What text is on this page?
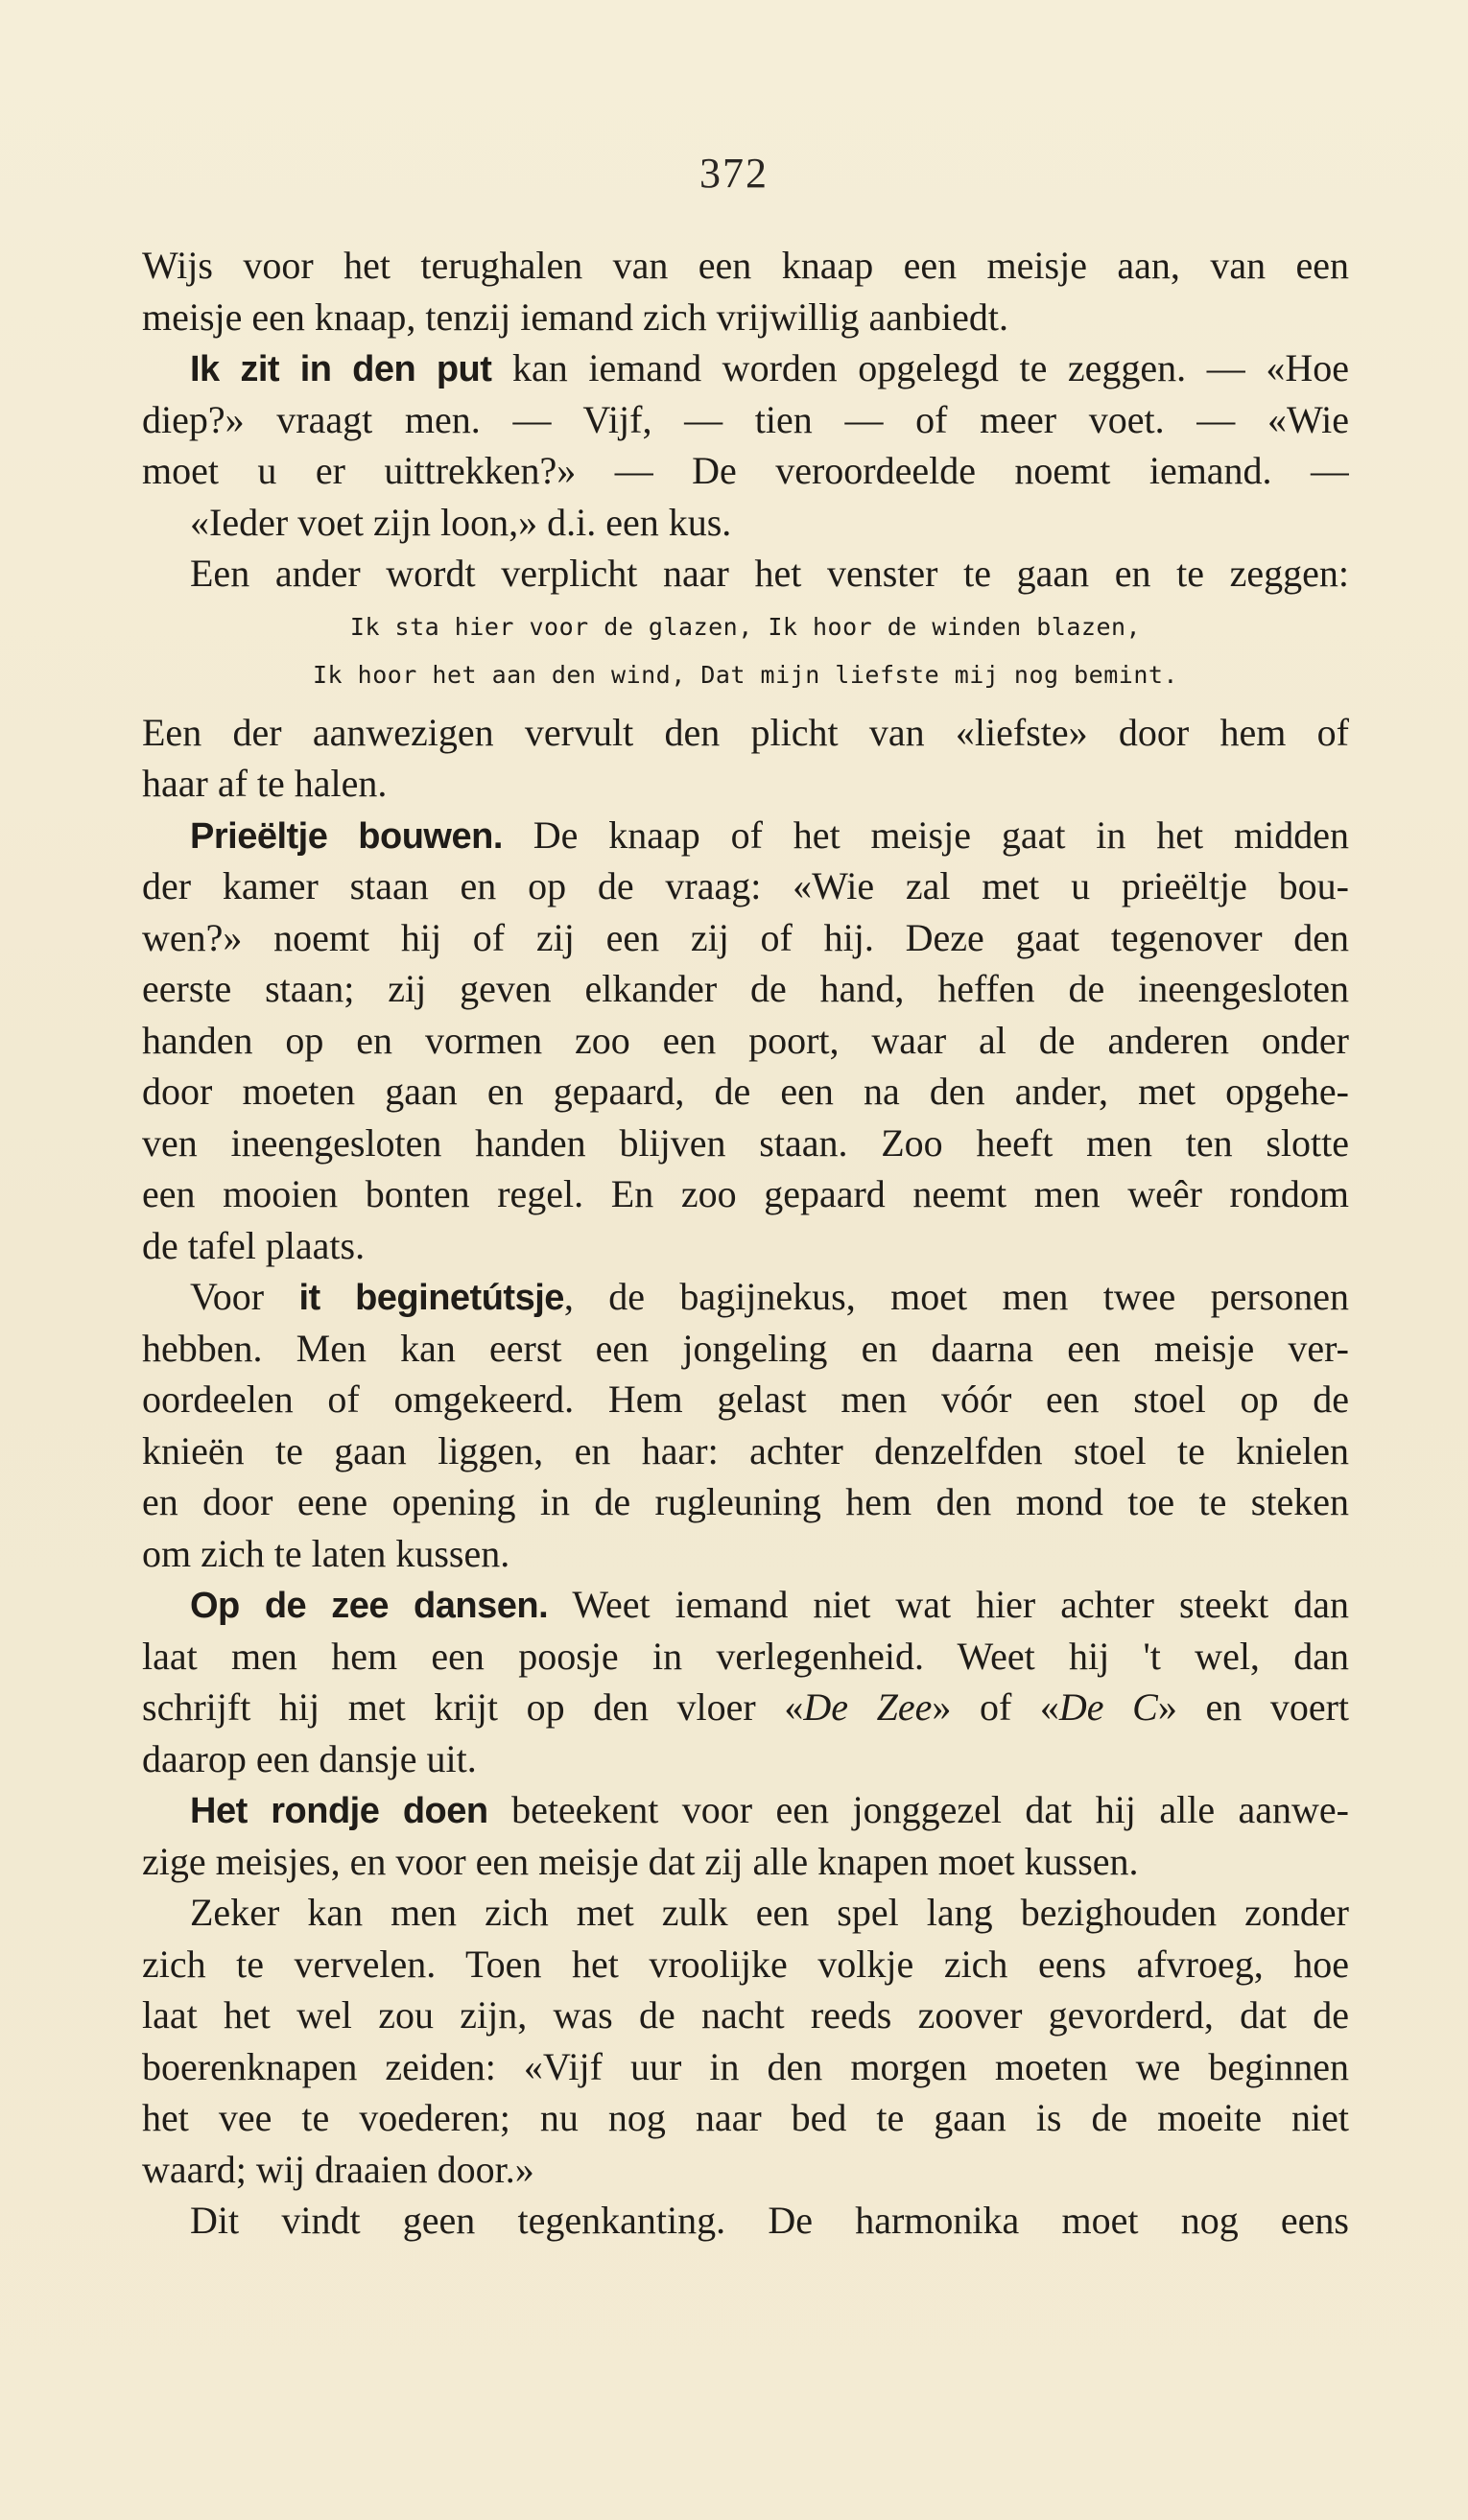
372
Wijs voor het terughalen van een knaap een meisje aan, van een
meisje een knaap, tenzij iemand zich vrijwillig aanbiedt.
Ik zit in den put kan iemand worden opgelegd te zeggen. — «Hoe
diep?» vraagt men. — Vijf, — tien — of meer voet. — «Wie
moet u er uittrekken?» — De veroordeelde noemt iemand. —
«Ieder voet zijn loon,» d.i. een kus.
Een ander wordt verplicht naar het venster te gaan en te zeggen:
Ik sta hier voor de glazen, Ik hoor de winden blazen,
Ik hoor het aan den wind, Dat mijn liefste mij nog bemint.
Een der aanwezigen vervult den plicht van «liefste» door hem of
haar af te halen.
Prieëltje bouwen. De knaap of het meisje gaat in het midden
der kamer staan en op de vraag: «Wie zal met u prieëltje bou-
wen?» noemt hij of zij een zij of hij. Deze gaat tegenover den
eerste staan; zij geven elkander de hand, heffen de ineengesloten
handen op en vormen zoo een poort, waar al de anderen onder
door moeten gaan en gepaard, de een na den ander, met opgehe-
ven ineengesloten handen blijven staan. Zoo heeft men ten slotte
een mooien bonten regel. En zoo gepaard neemt men weêr rondom
de tafel plaats.
Voor it beginetútsje, de bagijnekus, moet men twee personen
hebben. Men kan eerst een jongeling en daarna een meisje ver-
oordeelen of omgekeerd. Hem gelast men vóór een stoel op de
knieën te gaan liggen, en haar: achter denzelfden stoel te knielen
en door eene opening in de rugleuning hem den mond toe te steken
om zich te laten kussen.
Op de zee dansen. Weet iemand niet wat hier achter steekt dan
laat men hem een poosje in verlegenheid. Weet hij 't wel, dan
schrijft hij met krijt op den vloer «De Zee» of «De C» en voert
daarop een dansje uit.
Het rondje doen beteekent voor een jonggezel dat hij alle aanwe-
zige meisjes, en voor een meisje dat zij alle knapen moet kussen.
Zeker kan men zich met zulk een spel lang bezighouden zonder
zich te vervelen. Toen het vroolijke volkje zich eens afvroeg, hoe
laat het wel zou zijn, was de nacht reeds zoover gevorderd, dat de
boerenknapen zeiden: «Vijf uur in den morgen moeten we beginnen
het vee te voederen; nu nog naar bed te gaan is de moeite niet
waard; wij draaien door.»
Dit vindt geen tegenkanting. De harmonika moet nog eens
